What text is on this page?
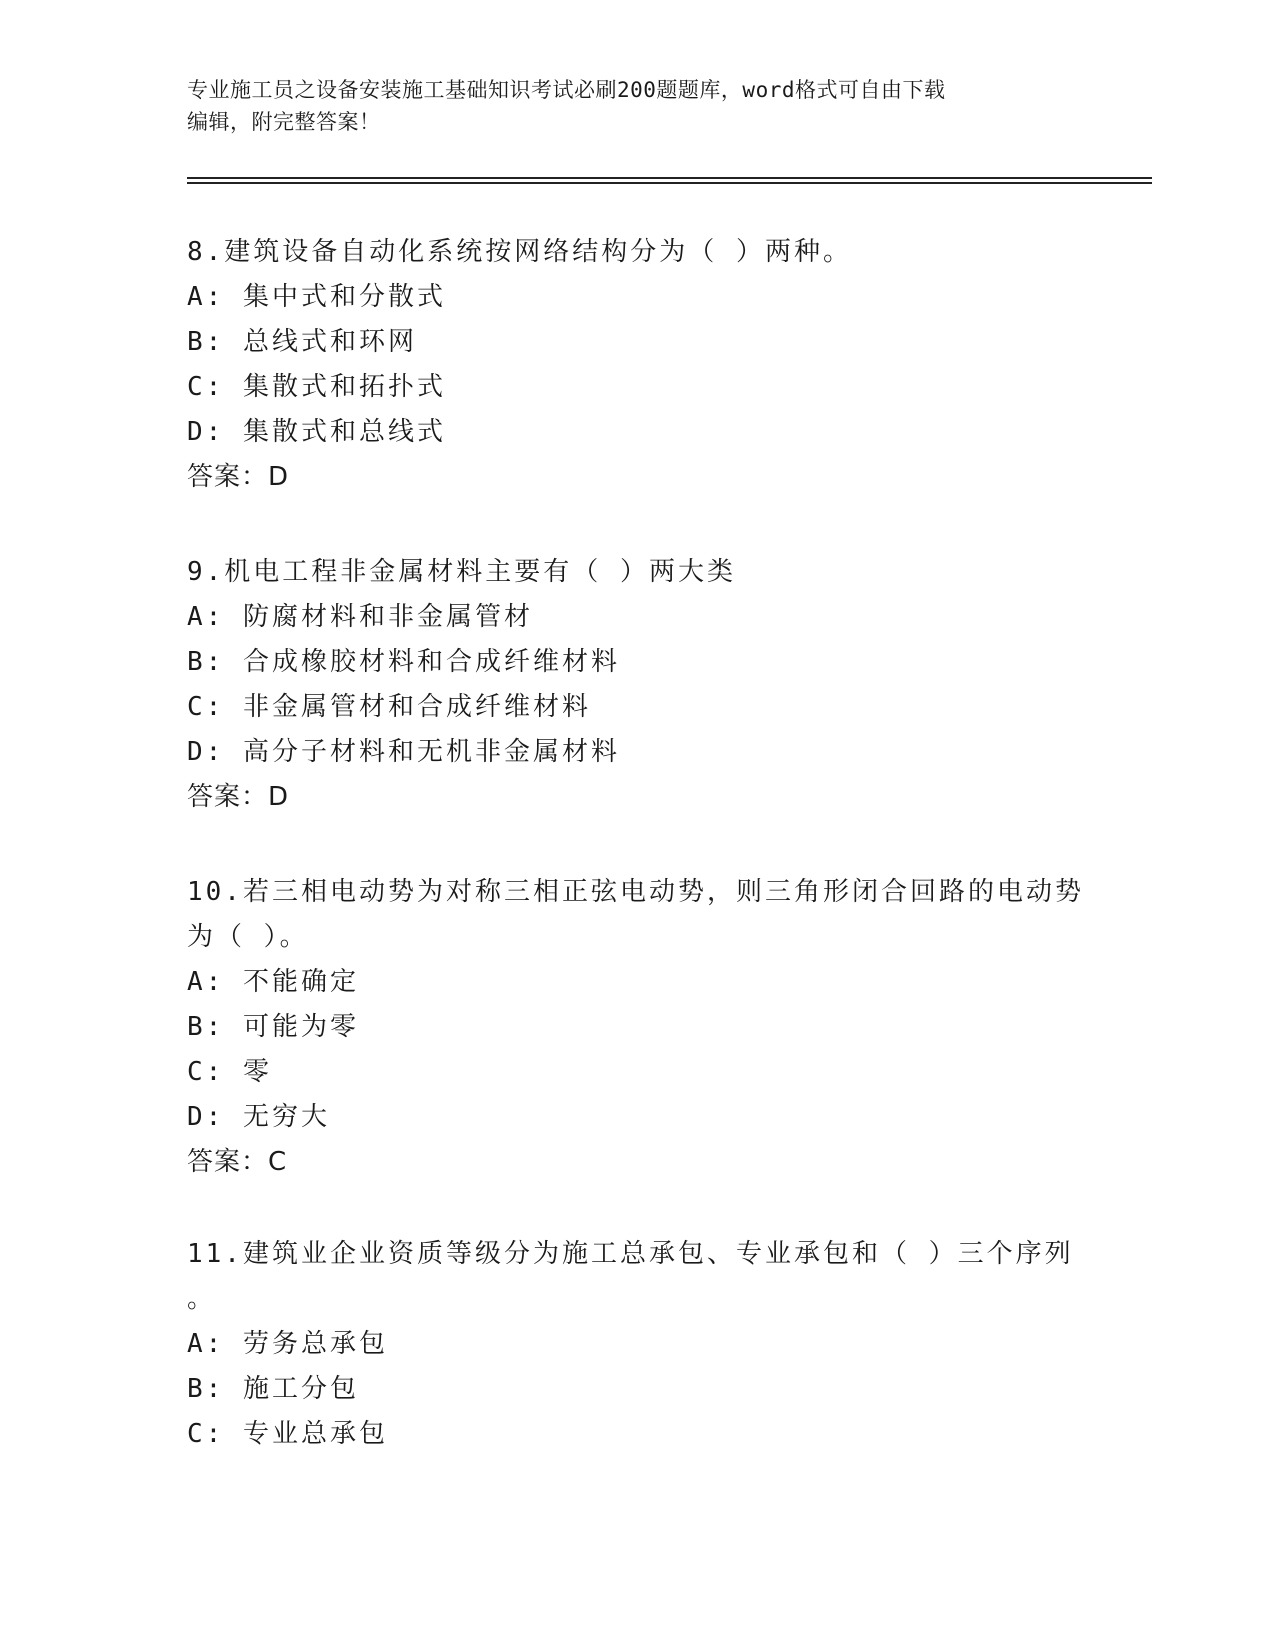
专业施工员之设备安装施工基础知识考试必刷200题题库，word格式可自由下载
编辑，附完整答案！
8.建筑设备自动化系统按网络结构分为（ ）两种。
A: 集中式和分散式
B: 总线式和环网
C: 集散式和拓扑式
D: 集散式和总线式
答案：D
9.机电工程非金属材料主要有（ ）两大类
A: 防腐材料和非金属管材
B: 合成橡胶材料和合成纤维材料
C: 非金属管材和合成纤维材料
D: 高分子材料和无机非金属材料
答案：D
10.若三相电动势为对称三相正弦电动势，则三角形闭合回路的电动势
为（ ）。
A: 不能确定
B: 可能为零
C: 零
D: 无穷大
答案：C
11.建筑业企业资质等级分为施工总承包、专业承包和（ ）三个序列
。
A: 劳务总承包
B: 施工分包
C: 专业总承包
